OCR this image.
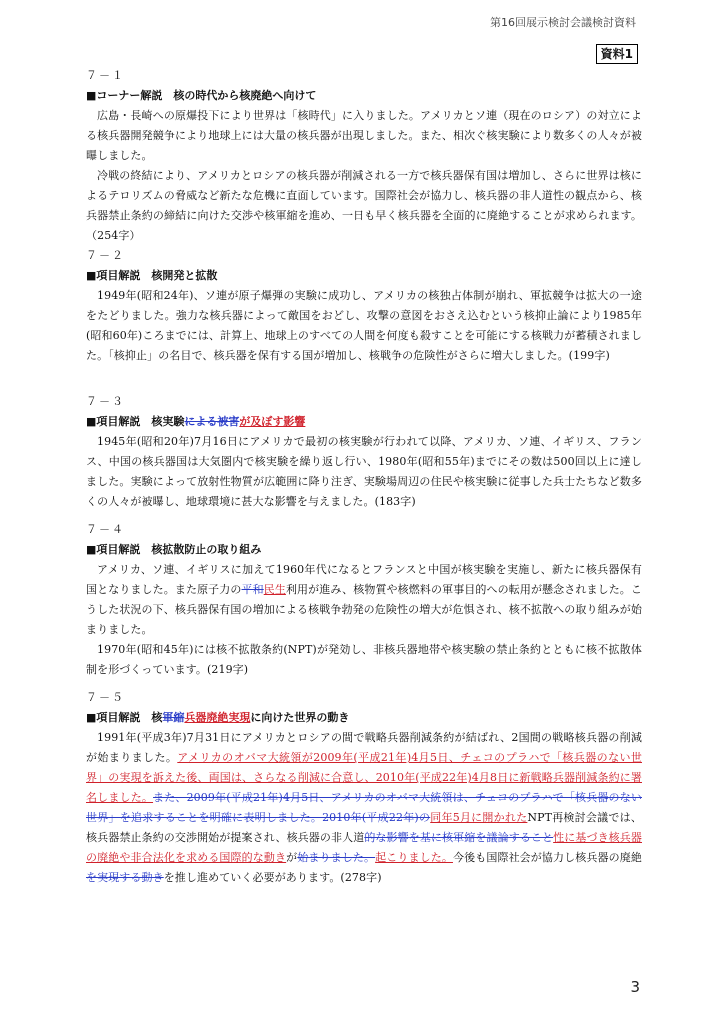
第16回展示検討会議検討資料
資料1
７－１
■コーナー解説　核の時代から核廃絶へ向けて

広島・長崎への原爆投下により世界は「核時代」に入りました。アメリカとソ連（現在のロシア）の対立による核兵器開発競争により地球上には大量の核兵器が出現しました。また、相次ぐ核実験により数多くの人々が被曝しました。

冷戦の終結により、アメリカとロシアの核兵器が削減される一方で核兵器保有国は増加し、さらに世界は核によるテロリズムの脅威など新たな危機に直面しています。国際社会が協力し、核兵器の非人道性の観点から、核兵器禁止条約の締結に向けた交渉や核軍縮を進め、一日も早く核兵器を全面的に廃絶することが求められます。（254字）

７－２
■項目解説　核開発と拡散

1949年(昭和24年)、ソ連が原子爆弾の実験に成功し、アメリカの核独占体制が崩れ、軍拡競争は拡大の一途をたどりました。強力な核兵器によって敵国をおどし、攻撃の意図をおさえ込むという核抑止論により1985年(昭和60年)ころまでには、計算上、地球上のすべての人間を何度も殺すことを可能にする核戦力が蓄積されました。「核抑止」の名目で、核兵器を保有する国が増加し、核戦争の危険性がさらに増大しました。(199字)

７－３
■項目解説　核実験による被害が及ぼす影響

1945年(昭和20年)7月16日にアメリカで最初の核実験が行われて以降、アメリカ、ソ連、イギリス、フランス、中国の核兵器国は大気圏内で核実験を繰り返し行い、1980年(昭和55年)までにその数は500回以上に達しました。実験によって放射性物質が広範囲に降り注ぎ、実験場周辺の住民や核実験に従事した兵士たちなど数多くの人々が被曝し、地球環境に甚大な影響を与えました。(183字)

７－４
■項目解説　核拡散防止の取り組み

アメリカ、ソ連、イギリスに加えて1960年代になるとフランスと中国が核実験を実施し、新たに核兵器保有国となりました。また原子力の平和民生利用が進み、核物質や核燃料の軍事目的への転用が懸念されました。こうした状況の下、核兵器保有国の増加による核戦争勃発の危険性の増大が危惧され、核不拡散への取り組みが始まりました。

1970年(昭和45年)には核不拡散条約(NPT)が発効し、非核兵器地帯や核実験の禁止条約とともに核不拡散体制を形づくっています。(219字)

７－５
■項目解説　核軍縮兵器廃絶実現に向けた世界の動き

1991年(平成3年)7月31日にアメリカとロシアの間で戦略兵器削減条約が結ばれ、2国間の戦略核兵器の削減が始まりました。アメリカのオバマ大統領が2009年(平成21年)4月5日、チェコのプラハで「核兵器のない世界」の実現を訴えた後、両国は、さらなる削減に合意し、2010年(平成22年)4月8日に新戦略兵器削減条約に署名しました。また、2009年(平成21年)4月5日、アメリカのオバマ大統領は、チェコのプラハで「核兵器のない世界」を追求することを明確に表明しました。2010年(平成22年)の同年5月に開かれたNPT再検討会議では、核兵器禁止条約の交渉開始が提案され、核兵器の非人道的な影響を基に核軍縮を議論すること性に基づき核兵器の廃絶や非合法化を求める国際的な動きが始まりました。起こりました。今後も国際社会が協力し核兵器の廃絶を実現する動きを推し進めていく必要があります。(278字)

3
